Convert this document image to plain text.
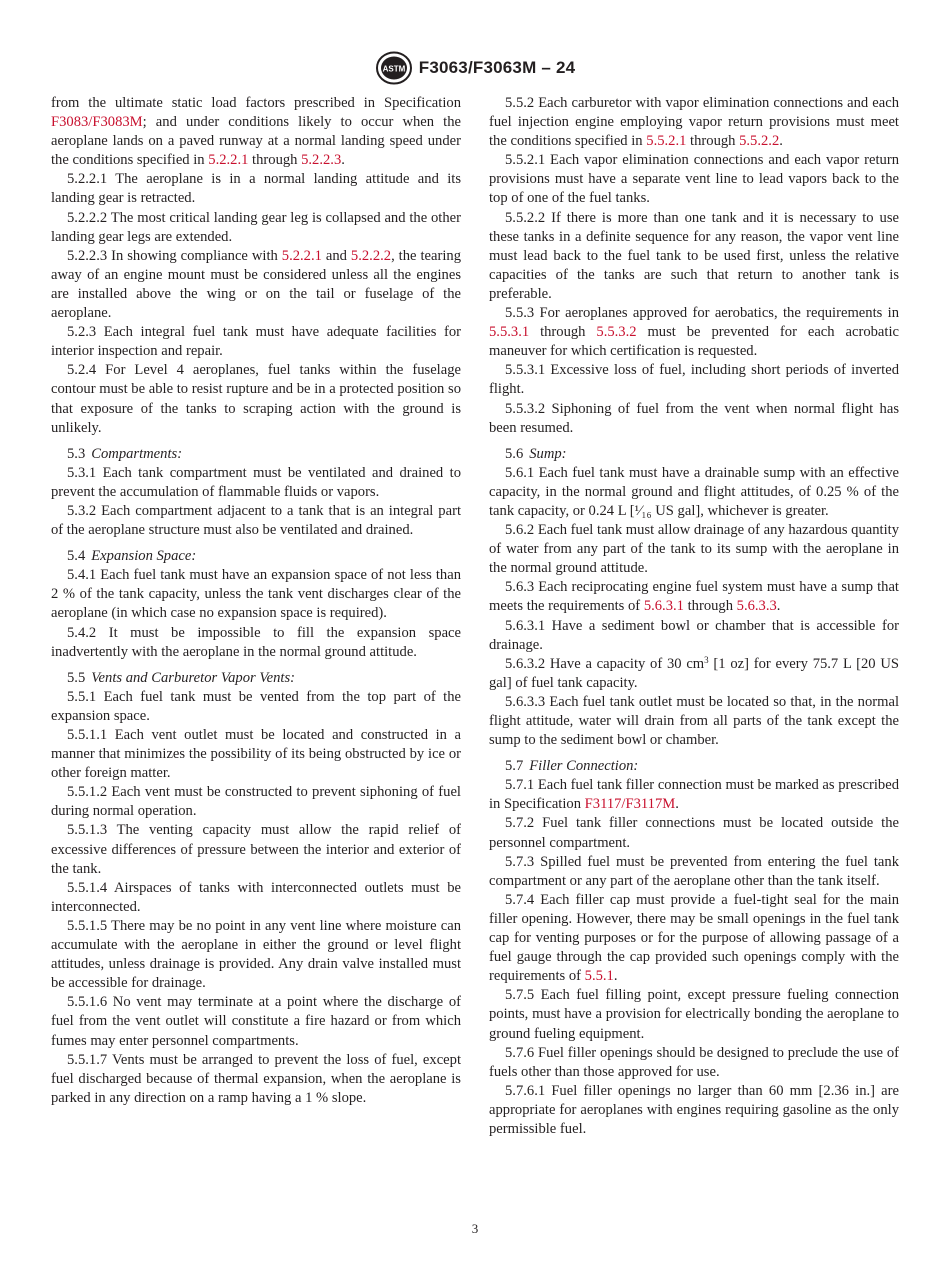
ASTM F3063/F3063M – 24

from the ultimate static load factors prescribed in Specification F3083/F3083M; and under conditions likely to occur when the aeroplane lands on a paved runway at a normal landing speed under the conditions specified in 5.2.2.1 through 5.2.2.3.

5.2.2.1 The aeroplane is in a normal landing attitude and its landing gear is retracted.

5.2.2.2 The most critical landing gear leg is collapsed and the other landing gear legs are extended.

5.2.2.3 In showing compliance with 5.2.2.1 and 5.2.2.2, the tearing away of an engine mount must be considered unless all the engines are installed above the wing or on the tail or fuselage of the aeroplane.

5.2.3 Each integral fuel tank must have adequate facilities for interior inspection and repair.

5.2.4 For Level 4 aeroplanes, fuel tanks within the fuselage contour must be able to resist rupture and be in a protected position so that exposure of the tanks to scraping action with the ground is unlikely.

5.3 Compartments:

5.3.1 Each tank compartment must be ventilated and drained to prevent the accumulation of flammable fluids or vapors.

5.3.2 Each compartment adjacent to a tank that is an integral part of the aeroplane structure must also be ventilated and drained.

5.4 Expansion Space:

5.4.1 Each fuel tank must have an expansion space of not less than 2 % of the tank capacity, unless the tank vent discharges clear of the aeroplane (in which case no expansion space is required).

5.4.2 It must be impossible to fill the expansion space inadvertently with the aeroplane in the normal ground attitude.

5.5 Vents and Carburetor Vapor Vents:

5.5.1 Each fuel tank must be vented from the top part of the expansion space.

5.5.1.1 Each vent outlet must be located and constructed in a manner that minimizes the possibility of its being obstructed by ice or other foreign matter.

5.5.1.2 Each vent must be constructed to prevent siphoning of fuel during normal operation.

5.5.1.3 The venting capacity must allow the rapid relief of excessive differences of pressure between the interior and exterior of the tank.

5.5.1.4 Airspaces of tanks with interconnected outlets must be interconnected.

5.5.1.5 There may be no point in any vent line where moisture can accumulate with the aeroplane in either the ground or level flight attitudes, unless drainage is provided. Any drain valve installed must be accessible for drainage.

5.5.1.6 No vent may terminate at a point where the discharge of fuel from the vent outlet will constitute a fire hazard or from which fumes may enter personnel compartments.

5.5.1.7 Vents must be arranged to prevent the loss of fuel, except fuel discharged because of thermal expansion, when the aeroplane is parked in any direction on a ramp having a 1 % slope.

5.5.2 Each carburetor with vapor elimination connections and each fuel injection engine employing vapor return provisions must meet the conditions specified in 5.5.2.1 through 5.5.2.2.

5.5.2.1 Each vapor elimination connections and each vapor return provisions must have a separate vent line to lead vapors back to the top of one of the fuel tanks.

5.5.2.2 If there is more than one tank and it is necessary to use these tanks in a definite sequence for any reason, the vapor vent line must lead back to the fuel tank to be used first, unless the relative capacities of the tanks are such that return to another tank is preferable.

5.5.3 For aeroplanes approved for aerobatics, the requirements in 5.5.3.1 through 5.5.3.2 must be prevented for each acrobatic maneuver for which certification is requested.

5.5.3.1 Excessive loss of fuel, including short periods of inverted flight.

5.5.3.2 Siphoning of fuel from the vent when normal flight has been resumed.

5.6 Sump:

5.6.1 Each fuel tank must have a drainable sump with an effective capacity, in the normal ground and flight attitudes, of 0.25 % of the tank capacity, or 0.24 L [¹⁄₁₆ US gal], whichever is greater.

5.6.2 Each fuel tank must allow drainage of any hazardous quantity of water from any part of the tank to its sump with the aeroplane in the normal ground attitude.

5.6.3 Each reciprocating engine fuel system must have a sump that meets the requirements of 5.6.3.1 through 5.6.3.3.

5.6.3.1 Have a sediment bowl or chamber that is accessible for drainage.

5.6.3.2 Have a capacity of 30 $cm^3$ [1 oz] for every 75.7 L [20 US gal] of fuel tank capacity.

5.6.3.3 Each fuel tank outlet must be located so that, in the normal flight attitude, water will drain from all parts of the tank except the sump to the sediment bowl or chamber.

5.7 Filler Connection:

5.7.1 Each fuel tank filler connection must be marked as prescribed in Specification F3117/F3117M.

5.7.2 Fuel tank filler connections must be located outside the personnel compartment.

5.7.3 Spilled fuel must be prevented from entering the fuel tank compartment or any part of the aeroplane other than the tank itself.

5.7.4 Each filler cap must provide a fuel-tight seal for the main filler opening. However, there may be small openings in the fuel tank cap for venting purposes or for the purpose of allowing passage of a fuel gauge through the cap provided such openings comply with the requirements of 5.5.1.

5.7.5 Each fuel filling point, except pressure fueling connection points, must have a provision for electrically bonding the aeroplane to ground fueling equipment.

5.7.6 Fuel filler openings should be designed to preclude the use of fuels other than those approved for use.

5.7.6.1 Fuel filler openings no larger than 60 mm [2.36 in.] are appropriate for aeroplanes with engines requiring gasoline as the only permissible fuel.

3
